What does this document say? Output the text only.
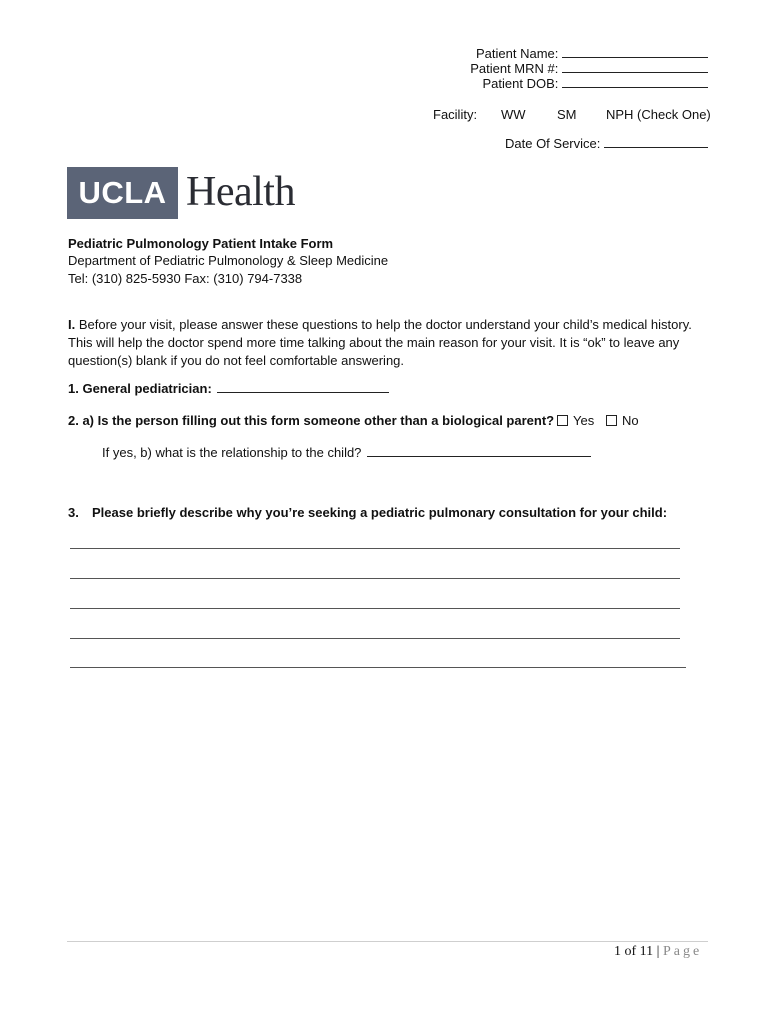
Patient Name:
Patient MRN #:
Patient DOB:
Facility: WW SM NPH (Check One)
Date Of Service:
UCLA Health
Pediatric Pulmonology Patient Intake Form
Department of Pediatric Pulmonology & Sleep Medicine
Tel: (310) 825-5930 Fax: (310) 794-7338
I. Before your visit, please answer these questions to help the doctor understand your child’s medical history. This will help the doctor spend more time talking about the main reason for your visit. It is “ok” to leave any question(s) blank if you do not feel comfortable answering.
1. General pediatrician:
2. a) Is the person filling out this form someone other than a biological parent?	Yes	No
If yes, b) what is the relationship to the child?
3. Please briefly describe why you’re seeking a pediatric pulmonary consultation for your child:
1 of 11 | Page
